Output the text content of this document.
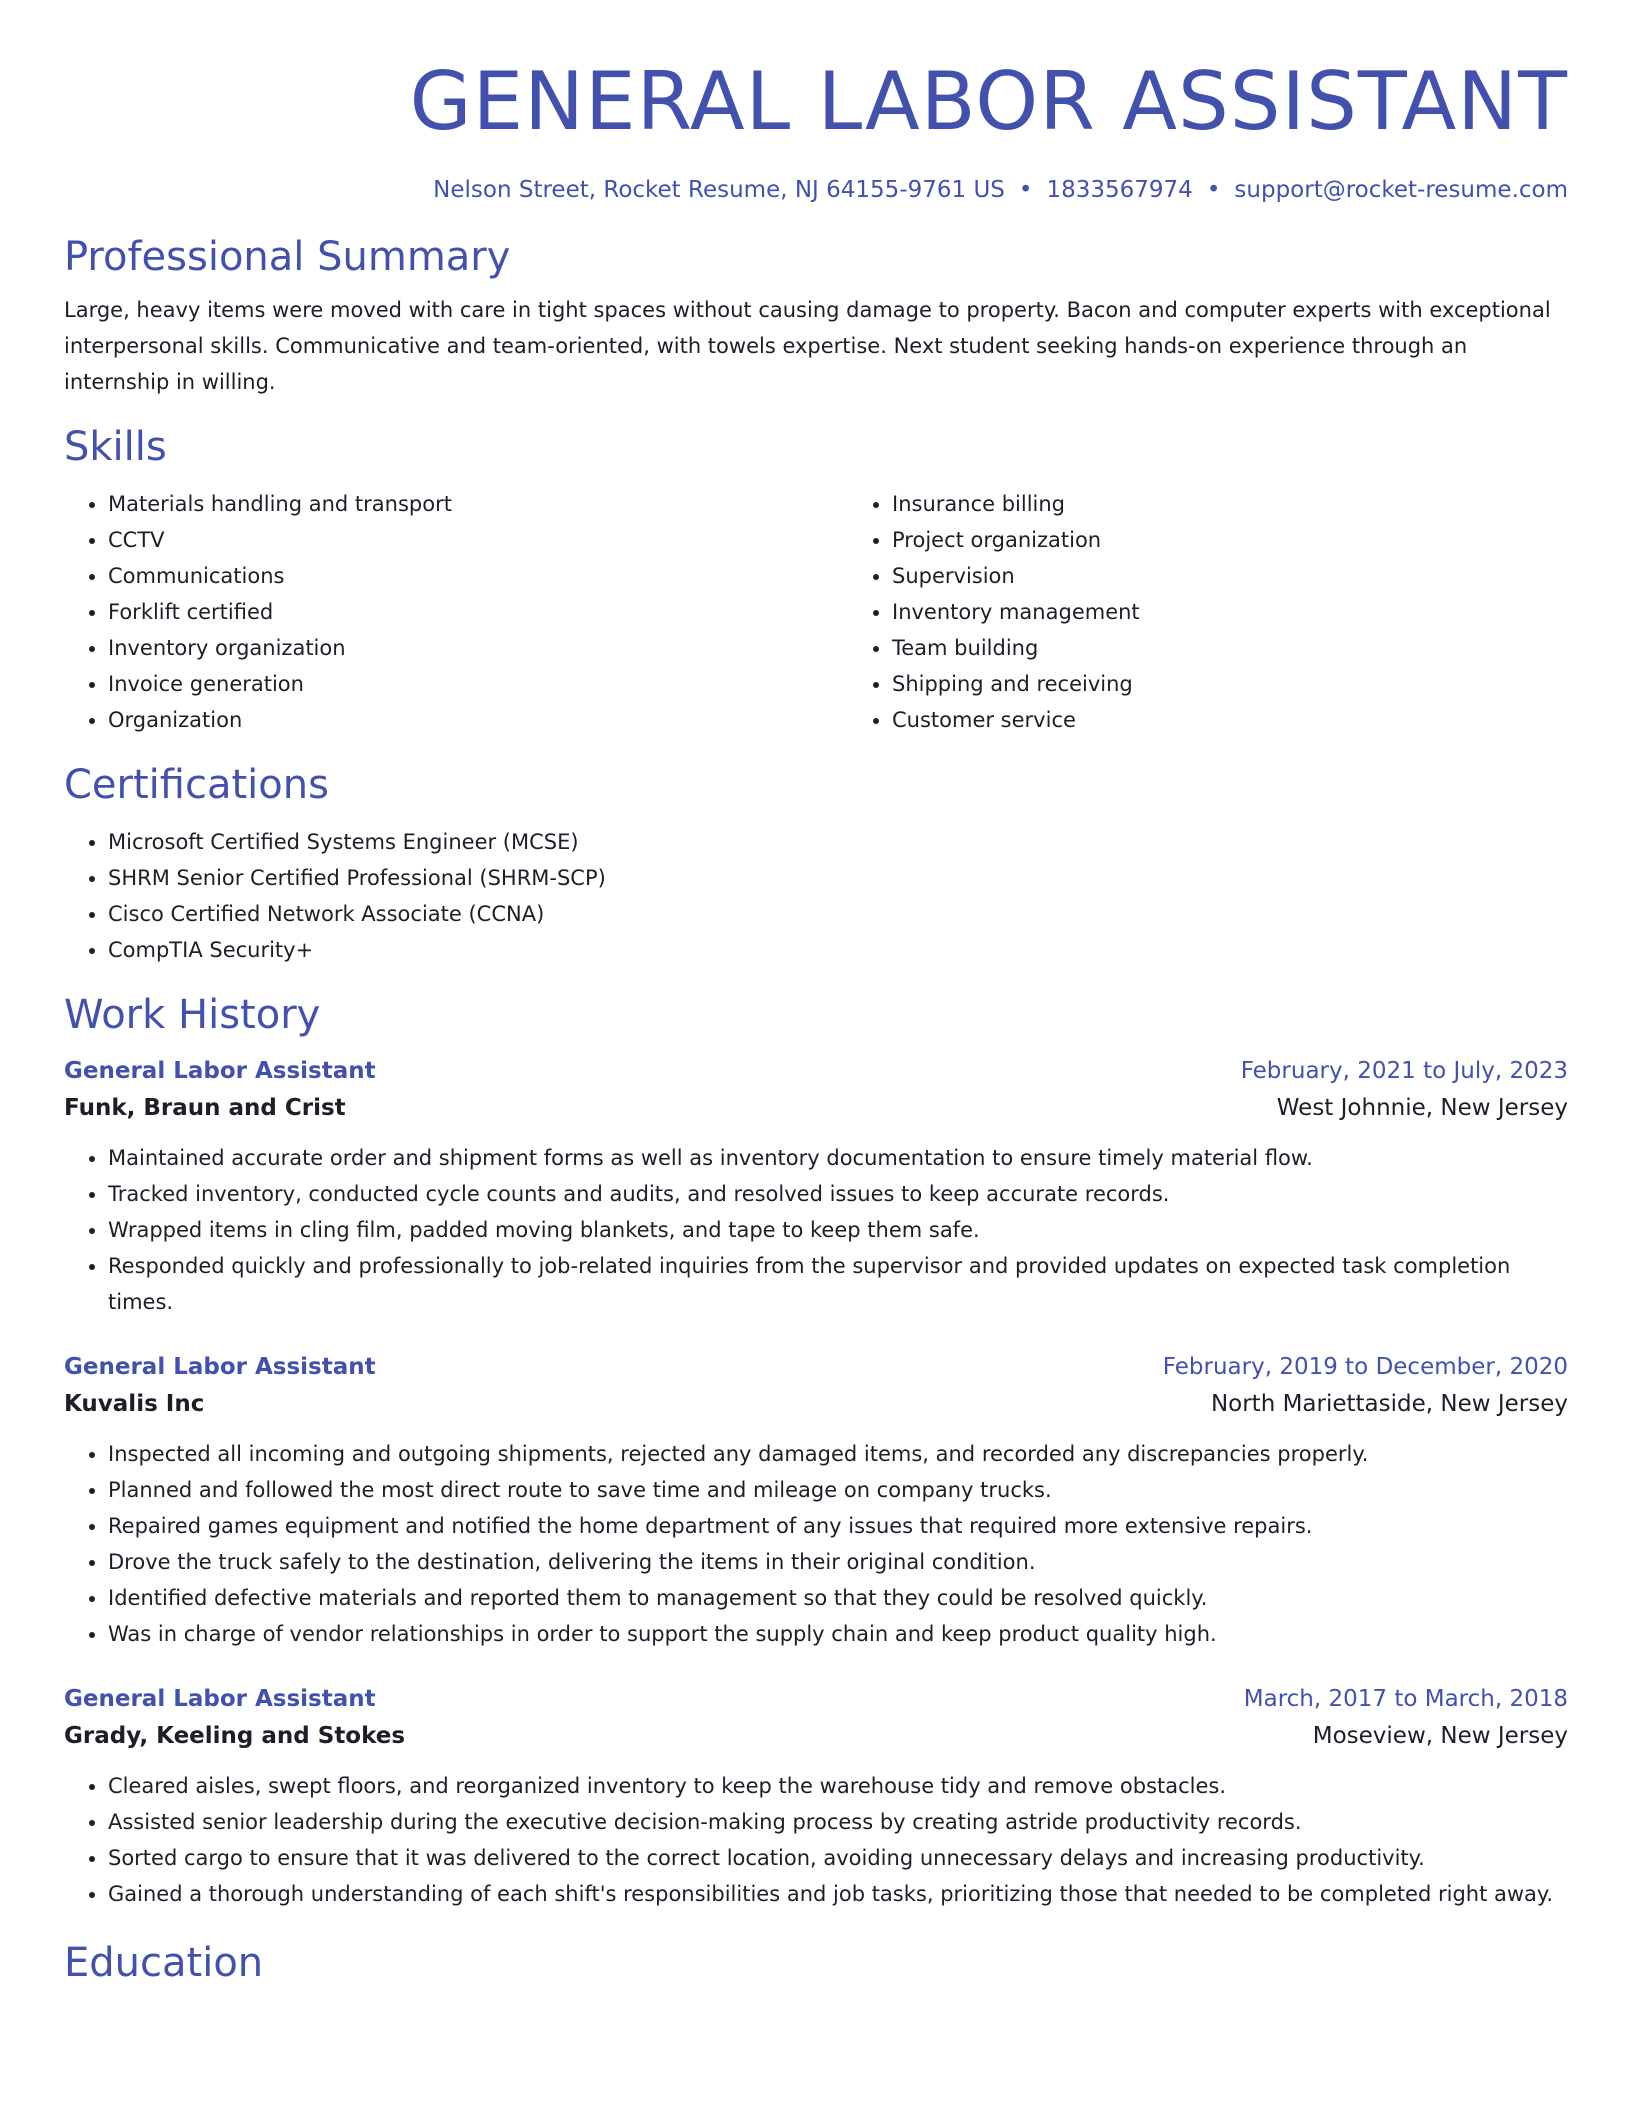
GENERAL LABOR ASSISTANT
Nelson Street, Rocket Resume, NJ 64155-9761 US • 1833567974 • support@rocket-resume.com
Professional Summary

Large, heavy items were moved with care in tight spaces without causing damage to property. Bacon and computer experts with exceptional interpersonal skills. Communicative and team-oriented, with towels expertise. Next student seeking hands-on experience through an internship in willing.

Skills
• Materials handling and transport
• CCTV
• Communications
• Forklift certified
• Inventory organization
• Invoice generation
• Organization
• Insurance billing
• Project organization
• Supervision
• Inventory management
• Team building
• Shipping and receiving
• Customer service
Certifications
• Microsoft Certified Systems Engineer (MCSE)
• SHRM Senior Certified Professional (SHRM-SCP)
• Cisco Certified Network Associate (CCNA)
• CompTIA Security+
Work History
General Labor Assistant	February, 2021 to July, 2023
Funk, Braun and Crist	West Johnnie, New Jersey
• Maintained accurate order and shipment forms as well as inventory documentation to ensure timely material flow.
• Tracked inventory, conducted cycle counts and audits, and resolved issues to keep accurate records.
• Wrapped items in cling film, padded moving blankets, and tape to keep them safe.
• Responded quickly and professionally to job-related inquiries from the supervisor and provided updates on expected task completion times.
General Labor Assistant	February, 2019 to December, 2020
Kuvalis Inc	North Mariettaside, New Jersey
• Inspected all incoming and outgoing shipments, rejected any damaged items, and recorded any discrepancies properly.
• Planned and followed the most direct route to save time and mileage on company trucks.
• Repaired games equipment and notified the home department of any issues that required more extensive repairs.
• Drove the truck safely to the destination, delivering the items in their original condition.
• Identified defective materials and reported them to management so that they could be resolved quickly.
• Was in charge of vendor relationships in order to support the supply chain and keep product quality high.
General Labor Assistant	March, 2017 to March, 2018
Grady, Keeling and Stokes	Moseview, New Jersey
• Cleared aisles, swept floors, and reorganized inventory to keep the warehouse tidy and remove obstacles.
• Assisted senior leadership during the executive decision-making process by creating astride productivity records.
• Sorted cargo to ensure that it was delivered to the correct location, avoiding unnecessary delays and increasing productivity.
• Gained a thorough understanding of each shift's responsibilities and job tasks, prioritizing those that needed to be completed right away.
Education
